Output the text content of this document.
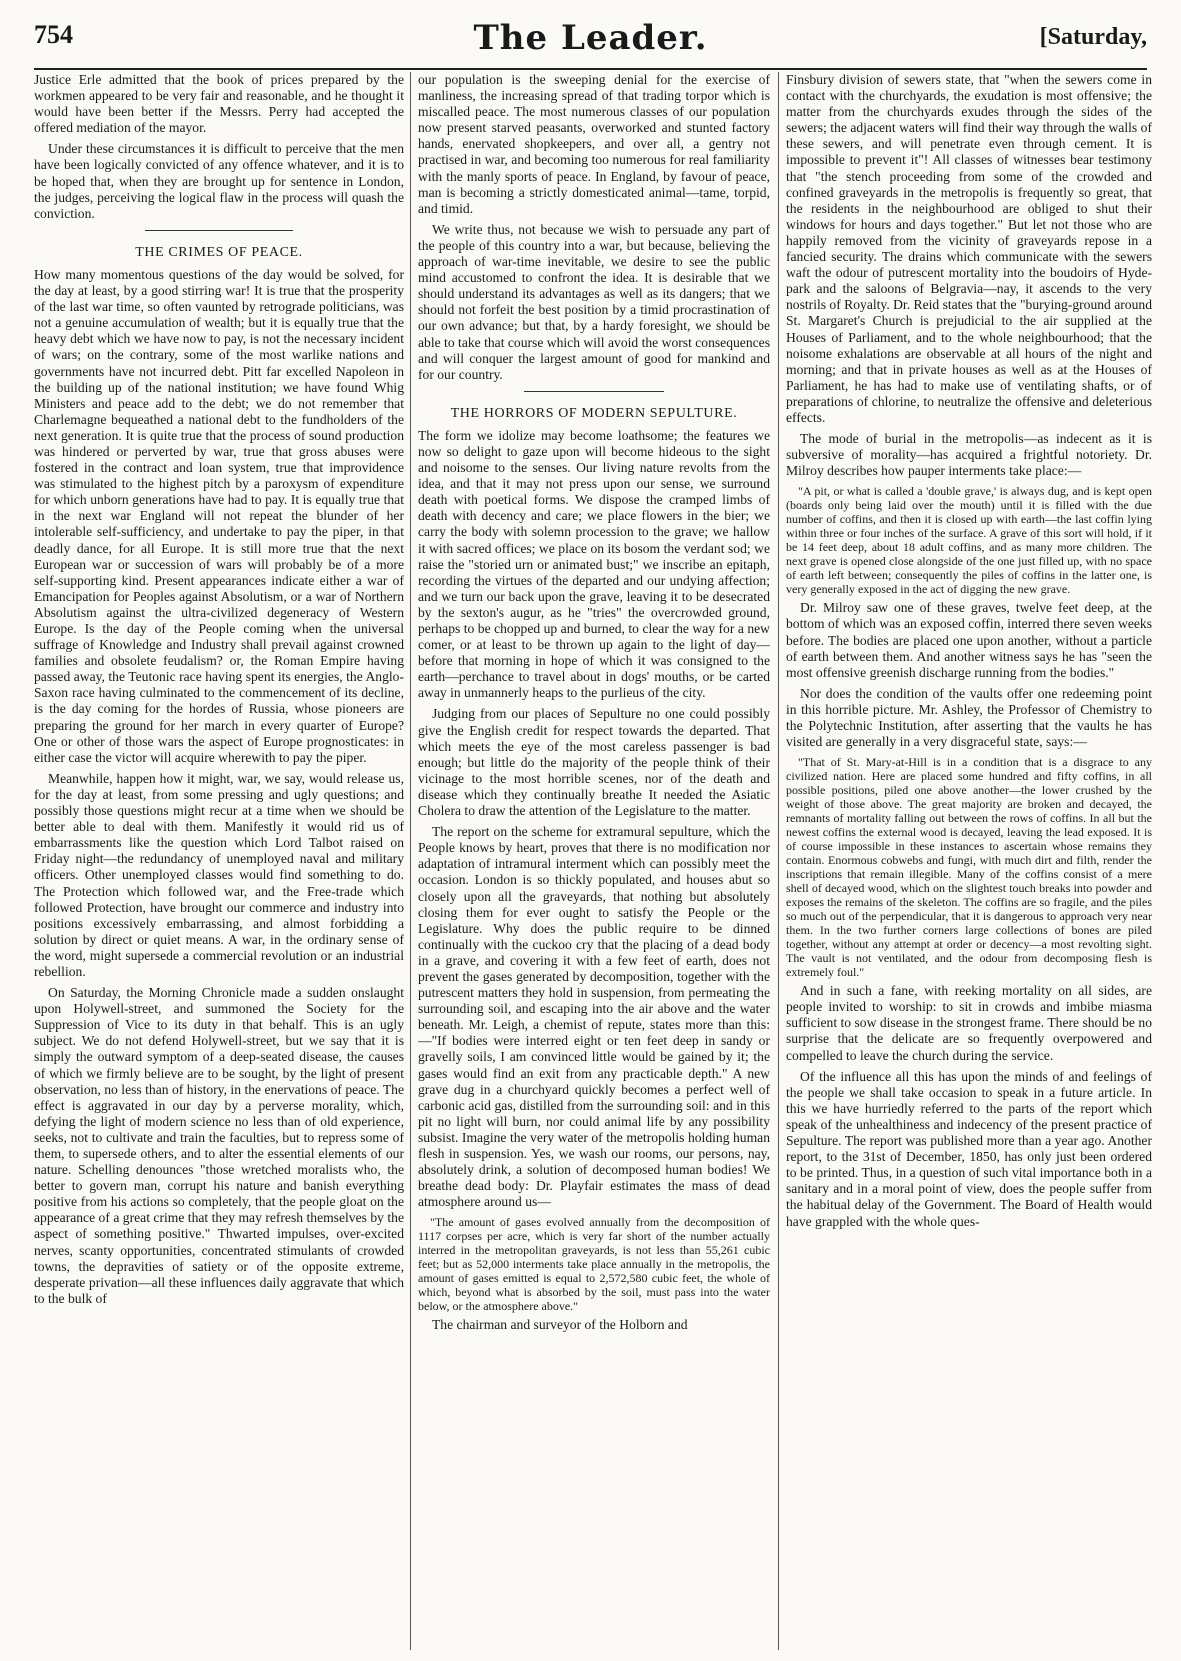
754	The Leader.	[Saturday,

Justice Erle admitted that the book of prices prepared by the workmen appeared to be very fair and reasonable, and he thought it would have been better if the Messrs. Perry had accepted the offered mediation of the mayor.

Under these circumstances it is difficult to perceive that the men have been logically convicted of any offence whatever, and it is to be hoped that, when they are brought up for sentence in London, the judges, perceiving the logical flaw in the process will quash the conviction.

THE CRIMES OF PEACE.

How many momentous questions of the day would be solved, for the day at least, by a good stirring war! It is true that the prosperity of the last war time, so often vaunted by retrograde politicians, was not a genuine accumulation of wealth; but it is equally true that the heavy debt which we have now to pay, is not the necessary incident of wars; on the contrary, some of the most warlike nations and governments have not incurred debt. Pitt far excelled Napoleon in the building up of the national institution; we have found Whig Ministers and peace add to the debt; we do not remember that Charlemagne bequeathed a national debt to the fundholders of the next generation. It is quite true that the process of sound production was hindered or perverted by war, true that gross abuses were fostered in the contract and loan system, true that improvidence was stimulated to the highest pitch by a paroxysm of expenditure for which unborn generations have had to pay. It is equally true that in the next war England will not repeat the blunder of her intolerable self-sufficiency, and undertake to pay the piper, in that deadly dance, for all Europe. It is still more true that the next European war or succession of wars will probably be of a more self-supporting kind. Present appearances indicate either a war of Emancipation for Peoples against Absolutism, or a war of Northern Absolutism against the ultra-civilized degeneracy of Western Europe. Is the day of the People coming when the universal suffrage of Knowledge and Industry shall prevail against crowned families and obsolete feudalism? or, the Roman Empire having passed away, the Teutonic race having spent its energies, the Anglo-Saxon race having culminated to the commencement of its decline, is the day coming for the hordes of Russia, whose pioneers are preparing the ground for her march in every quarter of Europe? One or other of those wars the aspect of Europe prognosticates: in either case the victor will acquire wherewith to pay the piper.

Meanwhile, happen how it might, war, we say, would release us, for the day at least, from some pressing and ugly questions; and possibly those questions might recur at a time when we should be better able to deal with them. Manifestly it would rid us of embarrassments like the question which Lord Talbot raised on Friday night—the redundancy of unemployed naval and military officers. Other unemployed classes would find something to do. The Protection which followed war, and the Free-trade which followed Protection, have brought our commerce and industry into positions excessively embarrassing, and almost forbidding a solution by direct or quiet means. A war, in the ordinary sense of the word, might supersede a commercial revolution or an industrial rebellion.

On Saturday, the Morning Chronicle made a sudden onslaught upon Holywell-street, and summoned the Society for the Suppression of Vice to its duty in that behalf. This is an ugly subject. We do not defend Holywell-street, but we say that it is simply the outward symptom of a deep-seated disease, the causes of which we firmly believe are to be sought, by the light of present observation, no less than of history, in the enervations of peace. The effect is aggravated in our day by a perverse morality, which, defying the light of modern science no less than of old experience, seeks, not to cultivate and train the faculties, but to repress some of them, to supersede others, and to alter the essential elements of our nature. Schelling denounces "those wretched moralists who, the better to govern man, corrupt his nature and banish everything positive from his actions so completely, that the people gloat on the appearance of a great crime that they may refresh themselves by the aspect of something positive." Thwarted impulses, over-excited nerves, scanty opportunities, concentrated stimulants of crowded towns, the depravities of satiety or of the opposite extreme, desperate privation—all these influences daily aggravate that which to the bulk of

our population is the sweeping denial for the exercise of manliness, the increasing spread of that trading torpor which is miscalled peace. The most numerous classes of our population now present starved peasants, overworked and stunted factory hands, enervated shopkeepers, and over all, a gentry not practised in war, and becoming too numerous for real familiarity with the manly sports of peace. In England, by favour of peace, man is becoming a strictly domesticated animal—tame, torpid, and timid.

We write thus, not because we wish to persuade any part of the people of this country into a war, but because, believing the approach of war-time inevitable, we desire to see the public mind accustomed to confront the idea. It is desirable that we should understand its advantages as well as its dangers; that we should not forfeit the best position by a timid procrastination of our own advance; but that, by a hardy foresight, we should be able to take that course which will avoid the worst consequences and will conquer the largest amount of good for mankind and for our country.

THE HORRORS OF MODERN SEPULTURE.

The form we idolize may become loathsome; the features we now so delight to gaze upon will become hideous to the sight and noisome to the senses. Our living nature revolts from the idea, and that it may not press upon our sense, we surround death with poetical forms. We dispose the cramped limbs of death with decency and care; we place flowers in the bier; we carry the body with solemn procession to the grave; we hallow it with sacred offices; we place on its bosom the verdant sod; we raise the "storied urn or animated bust;" we inscribe an epitaph, recording the virtues of the departed and our undying affection; and we turn our back upon the grave, leaving it to be desecrated by the sexton's augur, as he "tries" the overcrowded ground, perhaps to be chopped up and burned, to clear the way for a new comer, or at least to be thrown up again to the light of day—before that morning in hope of which it was consigned to the earth—perchance to travel about in dogs' mouths, or be carted away in unmannerly heaps to the purlieus of the city.

Judging from our places of Sepulture no one could possibly give the English credit for respect towards the departed. That which meets the eye of the most careless passenger is bad enough; but little do the majority of the people think of their vicinage to the most horrible scenes, nor of the death and disease which they continually breathe It needed the Asiatic Cholera to draw the attention of the Legislature to the matter.

The report on the scheme for extramural sepulture, which the People knows by heart, proves that there is no modification nor adaptation of intramural interment which can possibly meet the occasion. London is so thickly populated, and houses abut so closely upon all the graveyards, that nothing but absolutely closing them for ever ought to satisfy the People or the Legislature. Why does the public require to be dinned continually with the cuckoo cry that the placing of a dead body in a grave, and covering it with a few feet of earth, does not prevent the gases generated by decomposition, together with the putrescent matters they hold in suspension, from permeating the surrounding soil, and escaping into the air above and the water beneath. Mr. Leigh, a chemist of repute, states more than this:—"If bodies were interred eight or ten feet deep in sandy or gravelly soils, I am convinced little would be gained by it; the gases would find an exit from any practicable depth." A new grave dug in a churchyard quickly becomes a perfect well of carbonic acid gas, distilled from the surrounding soil: and in this pit no light will burn, nor could animal life by any possibility subsist. Imagine the very water of the metropolis holding human flesh in suspension. Yes, we wash our rooms, our persons, nay, absolutely drink, a solution of decomposed human bodies! We breathe dead body: Dr. Playfair estimates the mass of dead atmosphere around us—

"The amount of gases evolved annually from the decomposition of 1117 corpses per acre, which is very far short of the number actually interred in the metropolitan graveyards, is not less than 55,261 cubic feet; but as 52,000 interments take place annually in the metropolis, the amount of gases emitted is equal to 2,572,580 cubic feet, the whole of which, beyond what is absorbed by the soil, must pass into the water below, or the atmosphere above."

The chairman and surveyor of the Holborn and

Finsbury division of sewers state, that "when the sewers come in contact with the churchyards, the exudation is most offensive; the matter from the churchyards exudes through the sides of the sewers; the adjacent waters will find their way through the walls of these sewers, and will penetrate even through cement. It is impossible to prevent it"! All classes of witnesses bear testimony that "the stench proceeding from some of the crowded and confined graveyards in the metropolis is frequently so great, that the residents in the neighbourhood are obliged to shut their windows for hours and days together." But let not those who are happily removed from the vicinity of graveyards repose in a fancied security. The drains which communicate with the sewers waft the odour of putrescent mortality into the boudoirs of Hyde-park and the saloons of Belgravia—nay, it ascends to the very nostrils of Royalty. Dr. Reid states that the "burying-ground around St. Margaret's Church is prejudicial to the air supplied at the Houses of Parliament, and to the whole neighbourhood; that the noisome exhalations are observable at all hours of the night and morning; and that in private houses as well as at the Houses of Parliament, he has had to make use of ventilating shafts, or of preparations of chlorine, to neutralize the offensive and deleterious effects.

The mode of burial in the metropolis—as indecent as it is subversive of morality—has acquired a frightful notoriety. Dr. Milroy describes how pauper interments take place:—

"A pit, or what is called a 'double grave,' is always dug, and is kept open (boards only being laid over the mouth) until it is filled with the due number of coffins, and then it is closed up with earth—the last coffin lying within three or four inches of the surface. A grave of this sort will hold, if it be 14 feet deep, about 18 adult coffins, and as many more children. The next grave is opened close alongside of the one just filled up, with no space of earth left between; consequently the piles of coffins in the latter one, is very generally exposed in the act of digging the new grave.

Dr. Milroy saw one of these graves, twelve feet deep, at the bottom of which was an exposed coffin, interred there seven weeks before. The bodies are placed one upon another, without a particle of earth between them. And another witness says he has "seen the most offensive greenish discharge running from the bodies."

Nor does the condition of the vaults offer one redeeming point in this horrible picture. Mr. Ashley, the Professor of Chemistry to the Polytechnic Institution, after asserting that the vaults he has visited are generally in a very disgraceful state, says:—

"That of St. Mary-at-Hill is in a condition that is a disgrace to any civilized nation. Here are placed some hundred and fifty coffins, in all possible positions, piled one above another—the lower crushed by the weight of those above. The great majority are broken and decayed, the remnants of mortality falling out between the rows of coffins. In all but the newest coffins the external wood is decayed, leaving the lead exposed. It is of course impossible in these instances to ascertain whose remains they contain. Enormous cobwebs and fungi, with much dirt and filth, render the inscriptions that remain illegible. Many of the coffins consist of a mere shell of decayed wood, which on the slightest touch breaks into powder and exposes the remains of the skeleton. The coffins are so fragile, and the piles so much out of the perpendicular, that it is dangerous to approach very near them. In the two further corners large collections of bones are piled together, without any attempt at order or decency—a most revolting sight. The vault is not ventilated, and the odour from decomposing flesh is extremely foul."

And in such a fane, with reeking mortality on all sides, are people invited to worship: to sit in crowds and imbibe miasma sufficient to sow disease in the strongest frame. There should be no surprise that the delicate are so frequently overpowered and compelled to leave the church during the service.

Of the influence all this has upon the minds of and feelings of the people we shall take occasion to speak in a future article. In this we have hurriedly referred to the parts of the report which speak of the unhealthiness and indecency of the present practice of Sepulture. The report was published more than a year ago. Another report, to the 31st of December, 1850, has only just been ordered to be printed. Thus, in a question of such vital importance both in a sanitary and in a moral point of view, does the people suffer from the habitual delay of the Government. The Board of Health would have grappled with the whole ques-
